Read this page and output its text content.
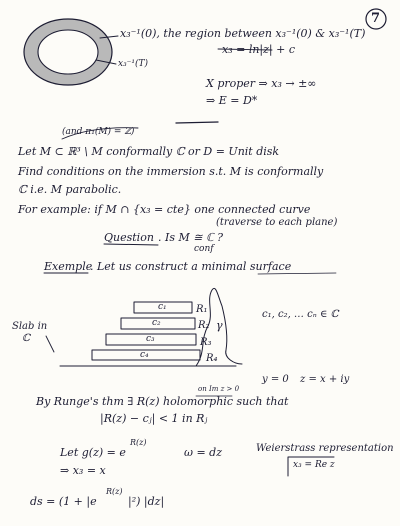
7
x₃⁻¹(0), the region between x₃⁻¹(0) & x₃⁻¹(T)
x₃⁻¹(T)
x₃ = ln|z| + c
X proper ⇒ x₃ → ±∞
⇒ E = D*
(and π₁(M) = ℤ)
Let M ⊂ ℝ³ \ M conformally ℂ or D = Unit disk
Find conditions on the immersion s.t. M is conformally
ℂ i.e. M parabolic.
For example: if M ∩ {x₃ = cte} one connected curve
(traverse to each plane)
Question . Is M ≅ ℂ ?
conf
Exemple
. Let us construct a minimal surface
Slab in
ℂ
c₁
c₂
c₃
c₄
R₁
R₂
R₃
R₄
γ
c₁, c₂, … cₙ ∈ ℂ
y = 0 z = x + iy
on Im z > 0
By Runge's thm ∃ R(z) holomorphic such that
|R(z) − cⱼ| < 1 in Rⱼ
Let g(z) = e
R(z)
ω = dz	Weierstrass representation
⇒ x₃ = x	x₃ = Re z
ds = (1 + |e
R(z)
|²) |dz|
